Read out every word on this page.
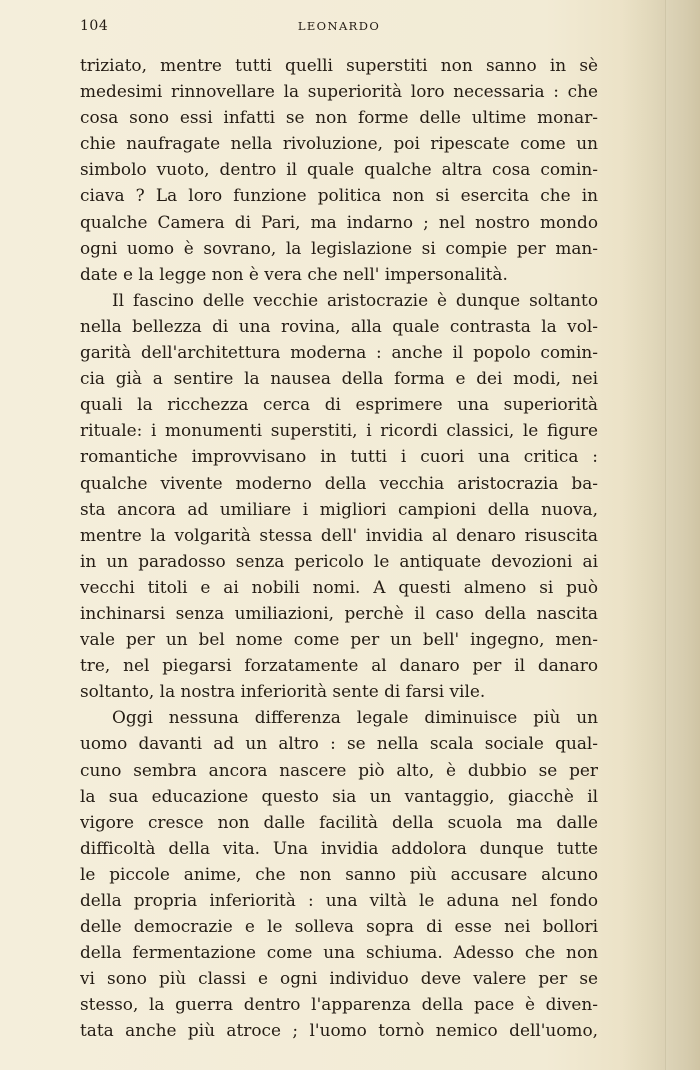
104	LEONARDO
triziato, mentre tutti quelli superstiti non sanno in sè
medesimi rinnovellare la superiorità loro necessaria : che
cosa sono essi infatti se non forme delle ultime monar-
chie naufragate nella rivoluzione, poi ripescate come un
simbolo vuoto, dentro il quale qualche altra cosa comin-
ciava ? La loro funzione politica non si esercita che in
qualche Camera di Pari, ma indarno ; nel nostro mondo
ogni uomo è sovrano, la legislazione si compie per man-
date e la legge non è vera che nell' impersonalità.
Il fascino delle vecchie aristocrazie è dunque soltanto
nella bellezza di una rovina, alla quale contrasta la vol-
garità dell'architettura moderna : anche il popolo comin-
cia già a sentire la nausea della forma e dei modi, nei
quali la ricchezza cerca di esprimere una superiorità
rituale: i monumenti superstiti, i ricordi classici, le figure
romantiche improvvisano in tutti i cuori una critica :
qualche vivente moderno della vecchia aristocrazia ba-
sta ancora ad umiliare i migliori campioni della nuova,
mentre la volgarità stessa dell' invidia al denaro risuscita
in un paradosso senza pericolo le antiquate devozioni ai
vecchi titoli e ai nobili nomi. A questi almeno si può
inchinarsi senza umiliazioni, perchè il caso della nascita
vale per un bel nome come per un bell' ingegno, men-
tre, nel piegarsi forzatamente al danaro per il danaro
soltanto, la nostra inferiorità sente di farsi vile.
Oggi nessuna differenza legale diminuisce più un
uomo davanti ad un altro : se nella scala sociale qual-
cuno sembra ancora nascere piò alto, è dubbio se per
la sua educazione questo sia un vantaggio, giacchè il
vigore cresce non dalle facilità della scuola ma dalle
difficoltà della vita. Una invidia addolora dunque tutte
le piccole anime, che non sanno più accusare alcuno
della propria inferiorità : una viltà le aduna nel fondo
delle democrazie e le solleva sopra di esse nei bollori
della fermentazione come una schiuma. Adesso che non
vi sono più classi e ogni individuo deve valere per se
stesso, la guerra dentro l'apparenza della pace è diven-
tata anche più atroce ; l'uomo tornò nemico dell'uomo,
